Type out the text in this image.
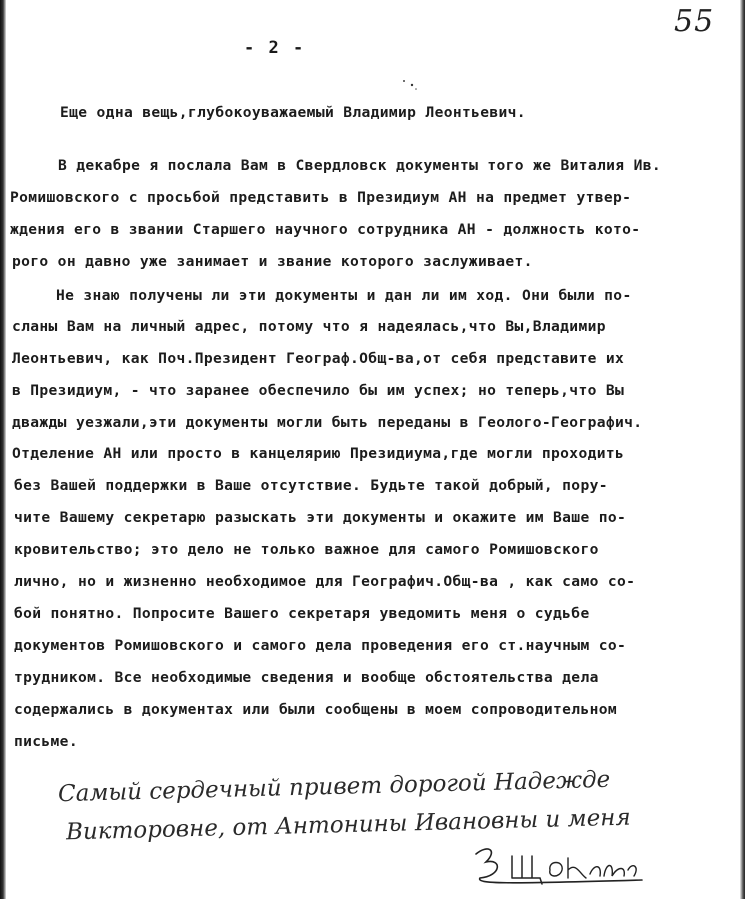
55
- 2 -
Еще одна вещь,глубокоуважаемый Владимир Леонтьевич.
В декабре я послала Вам в Свердловск документы того же Виталия Ив.
Ромишовского с просьбой представить в Президиум АН на предмет утвер-
ждения его в звании Старшего научного сотрудника АН - должность кото-
рого он давно уже занимает и звание которого заслуживает.
Не знаю получены ли эти документы и дан ли им ход. Они были по-
сланы Вам на личный адрес, потому что я надеялась,что Вы,Владимир
Леонтьевич, как Поч.Президент Географ.Общ-ва,от себя представите их
в Президиум, - что заранее обеспечило бы им успех; но теперь,что Вы
дважды уезжали,эти документы могли быть переданы в Геолого-Географич.
Отделение АН или просто в канцелярию Президиума,где могли проходить
без Вашей поддержки в Ваше отсутствие. Будьте такой добрый, пору-
чите Вашему секретарю разыскать эти документы и окажите им Ваше по-
кровительство; это дело не только важное для самого Ромишовского
лично, но и жизненно необходимое для Географич.Общ-ва , как само со-
бой понятно. Попросите Вашего секретаря уведомить меня о судьбе
документов Ромишовского и самого дела проведения его ст.научным со-
трудником. Все необходимые сведения и вообще обстоятельства дела
содержались в документах или были сообщены в моем сопроводительном
письме.
Самый сердечный привет дорогой Надежде
Викторовне, от Антонины Ивановны и меня
